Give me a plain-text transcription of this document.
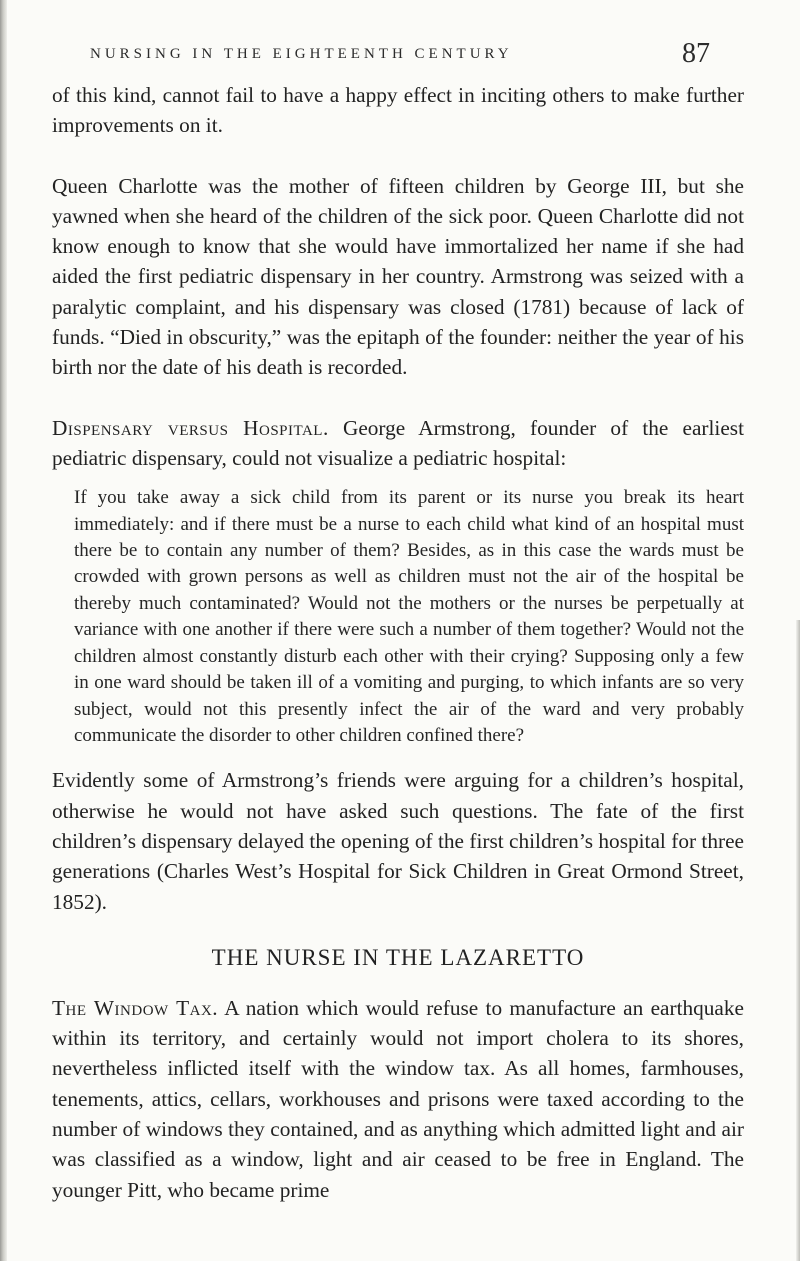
NURSING IN THE EIGHTEENTH CENTURY	87

of this kind, cannot fail to have a happy effect in inciting others to make further improvements on it.

Queen Charlotte was the mother of fifteen children by George III, but she yawned when she heard of the children of the sick poor. Queen Charlotte did not know enough to know that she would have immortalized her name if she had aided the first pediatric dispensary in her country. Armstrong was seized with a paralytic complaint, and his dispensary was closed (1781) because of lack of funds. “Died in obscurity,” was the epitaph of the founder: neither the year of his birth nor the date of his death is recorded.

Dispensary versus Hospital. George Armstrong, founder of the earliest pediatric dispensary, could not visualize a pediatric hospital:

If you take away a sick child from its parent or its nurse you break its heart immediately: and if there must be a nurse to each child what kind of an hospital must there be to contain any number of them? Besides, as in this case the wards must be crowded with grown persons as well as children must not the air of the hospital be thereby much contaminated? Would not the mothers or the nurses be perpetually at variance with one another if there were such a number of them together? Would not the children almost constantly disturb each other with their crying? Supposing only a few in one ward should be taken ill of a vomiting and purging, to which infants are so very subject, would not this presently infect the air of the ward and very probably communicate the disorder to other children confined there?

Evidently some of Armstrong’s friends were arguing for a children’s hospital, otherwise he would not have asked such questions. The fate of the first children’s dispensary delayed the opening of the first children’s hospital for three generations (Charles West’s Hospital for Sick Children in Great Ormond Street, 1852).

THE NURSE IN THE LAZARETTO

The Window Tax. A nation which would refuse to manufacture an earthquake within its territory, and certainly would not import cholera to its shores, nevertheless inflicted itself with the window tax. As all homes, farmhouses, tenements, attics, cellars, workhouses and prisons were taxed according to the number of windows they contained, and as anything which admitted light and air was classified as a window, light and air ceased to be free in England. The younger Pitt, who became prime
